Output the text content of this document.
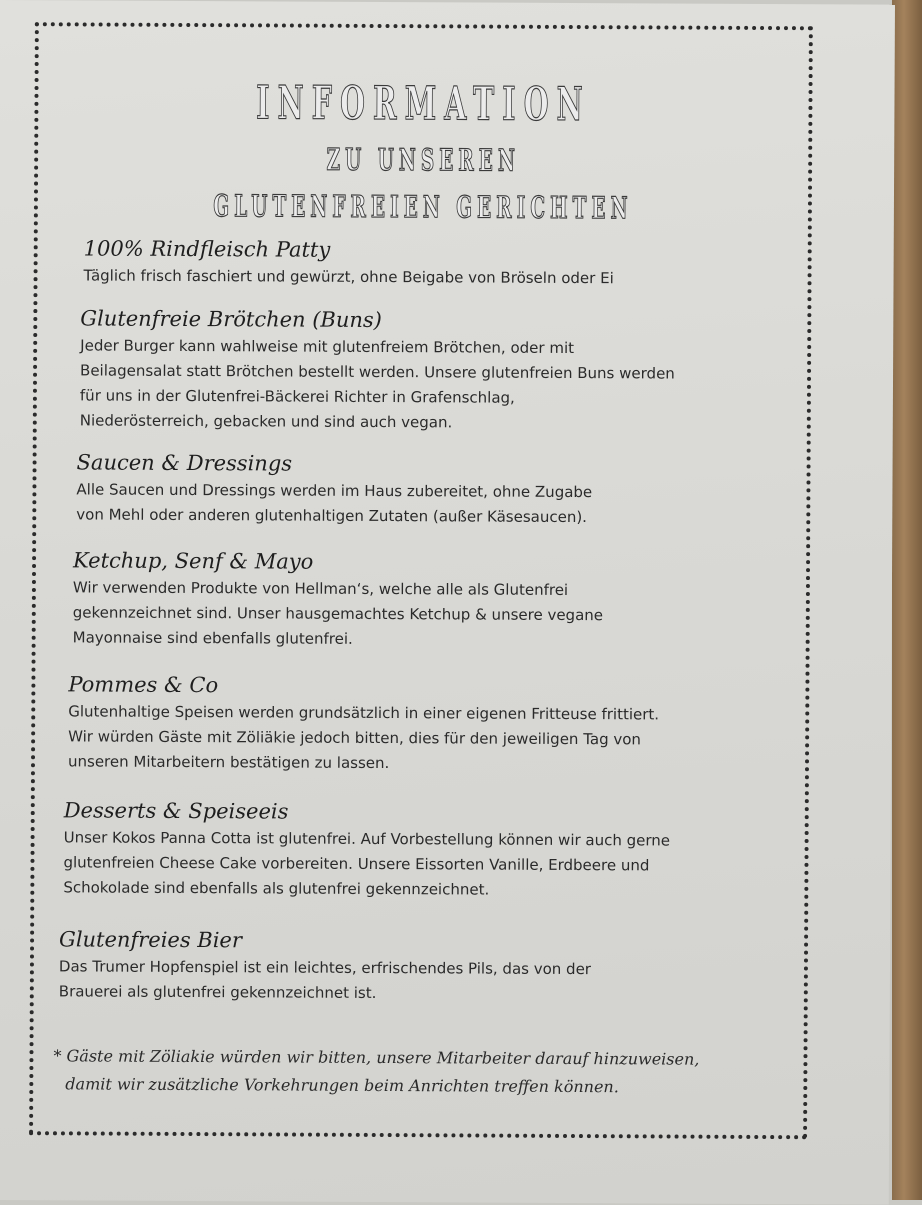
INFORMATION
ZU UNSEREN
GLUTENFREIEN GERICHTEN
100% Rindfleisch Patty
Täglich frisch faschiert und gewürzt, ohne Beigabe von Bröseln oder Ei
Glutenfreie Brötchen (Buns)
Jeder Burger kann wahlweise mit glutenfreiem Brötchen, oder mit
Beilagensalat statt Brötchen bestellt werden. Unsere glutenfreien Buns werden
für uns in der Glutenfrei-Bäckerei Richter in Grafenschlag,
Niederösterreich, gebacken und sind auch vegan.
Saucen & Dressings
Alle Saucen und Dressings werden im Haus zubereitet, ohne Zugabe
von Mehl oder anderen glutenhaltigen Zutaten (außer Käsesaucen).
Ketchup, Senf & Mayo
Wir verwenden Produkte von Hellman‘s, welche alle als Glutenfrei
gekennzeichnet sind. Unser hausgemachtes Ketchup & unsere vegane
Mayonnaise sind ebenfalls glutenfrei.
Pommes & Co
Glutenhaltige Speisen werden grundsätzlich in einer eigenen Fritteuse frittiert.
Wir würden Gäste mit Zöliäkie jedoch bitten, dies für den jeweiligen Tag von
unseren Mitarbeitern bestätigen zu lassen.
Desserts & Speiseeis
Unser Kokos Panna Cotta ist glutenfrei. Auf Vorbestellung können wir auch gerne
glutenfreien Cheese Cake vorbereiten. Unsere Eissorten Vanille, Erdbeere und
Schokolade sind ebenfalls als glutenfrei gekennzeichnet.
Glutenfreies Bier
Das Trumer Hopfenspiel ist ein leichtes, erfrischendes Pils, das von der
Brauerei als glutenfrei gekennzeichnet ist.
* Gäste mit Zöliakie würden wir bitten, unsere Mitarbeiter darauf hinzuweisen,
damit wir zusätzliche Vorkehrungen beim Anrichten treffen können.
